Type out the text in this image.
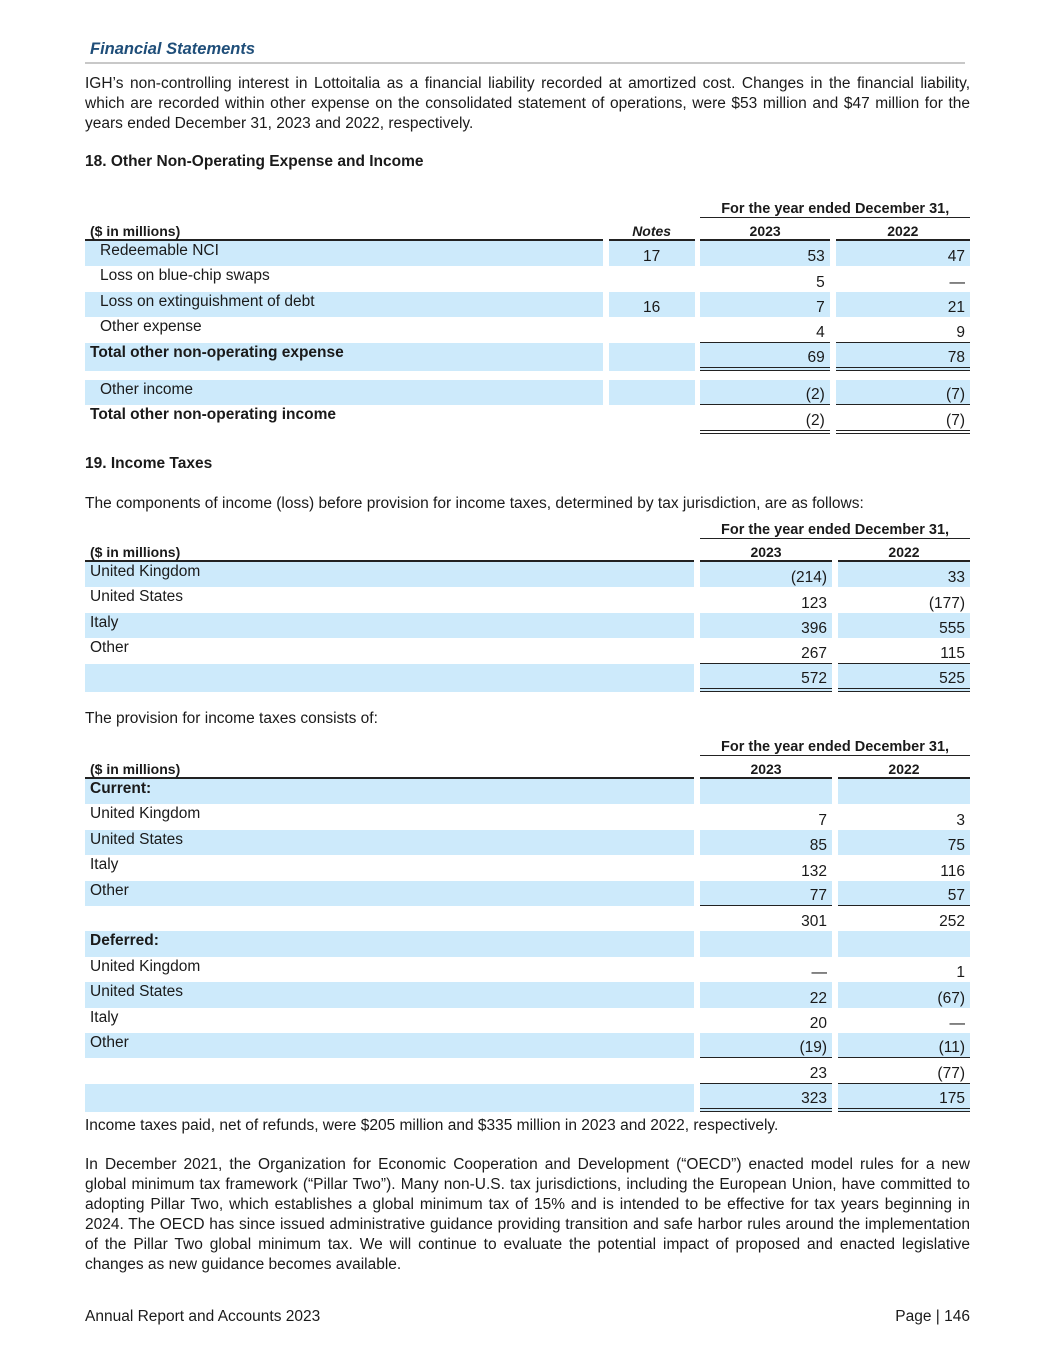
Financial Statements

IGH’s non-controlling interest in Lottoitalia as a financial liability recorded at amortized cost. Changes in the financial liability, which are recorded within other expense on the consolidated statement of operations, were $53 million and $47 million for the years ended December 31, 2023 and 2022, respectively.

18. Other Non-Operating Expense and Income
				For the year ended December 31,		
($ in millions)		Notes		2023		2022
Redeemable NCI		17		53		47
Loss on blue-chip swaps				5		—
Loss on extinguishment of debt		16		7		21
Other expense				4		9
Total other non-operating expense				69		78

Other income				(2)		(7)
Total other non-operating income				(2)		(7)
19. Income Taxes

The components of income (loss) before provision for income taxes, determined by tax jurisdiction, are as follows:

		For the year ended December 31,		
($ in millions)		2023		2022
United Kingdom		(214)		33
United States		123		(177)
Italy		396		555
Other		267		115
		572		525

The provision for income taxes consists of:

		For the year ended December 31,		
($ in millions)		2023		2022
Current:				
United Kingdom		7		3
United States		85		75
Italy		132		116
Other		77		57
		301		252
Deferred:				
United Kingdom		—		1
United States		22		(67)
Italy		20		—
Other		(19)		(11)
		23		(77)
		323		175

Income taxes paid, net of refunds, were $205 million and $335 million in 2023 and 2022, respectively.

In December 2021, the Organization for Economic Cooperation and Development (“OECD”) enacted model rules for a new global minimum tax framework (“Pillar Two”). Many non-U.S. tax jurisdictions, including the European Union, have committed to adopting Pillar Two, which establishes a global minimum tax of 15% and is intended to be effective for tax years beginning in 2024. The OECD has since issued administrative guidance providing transition and safe harbor rules around the implementation of the Pillar Two global minimum tax. We will continue to evaluate the potential impact of proposed and enacted legislative changes as new guidance becomes available.

Annual Report and Accounts 2023	Page | 146
